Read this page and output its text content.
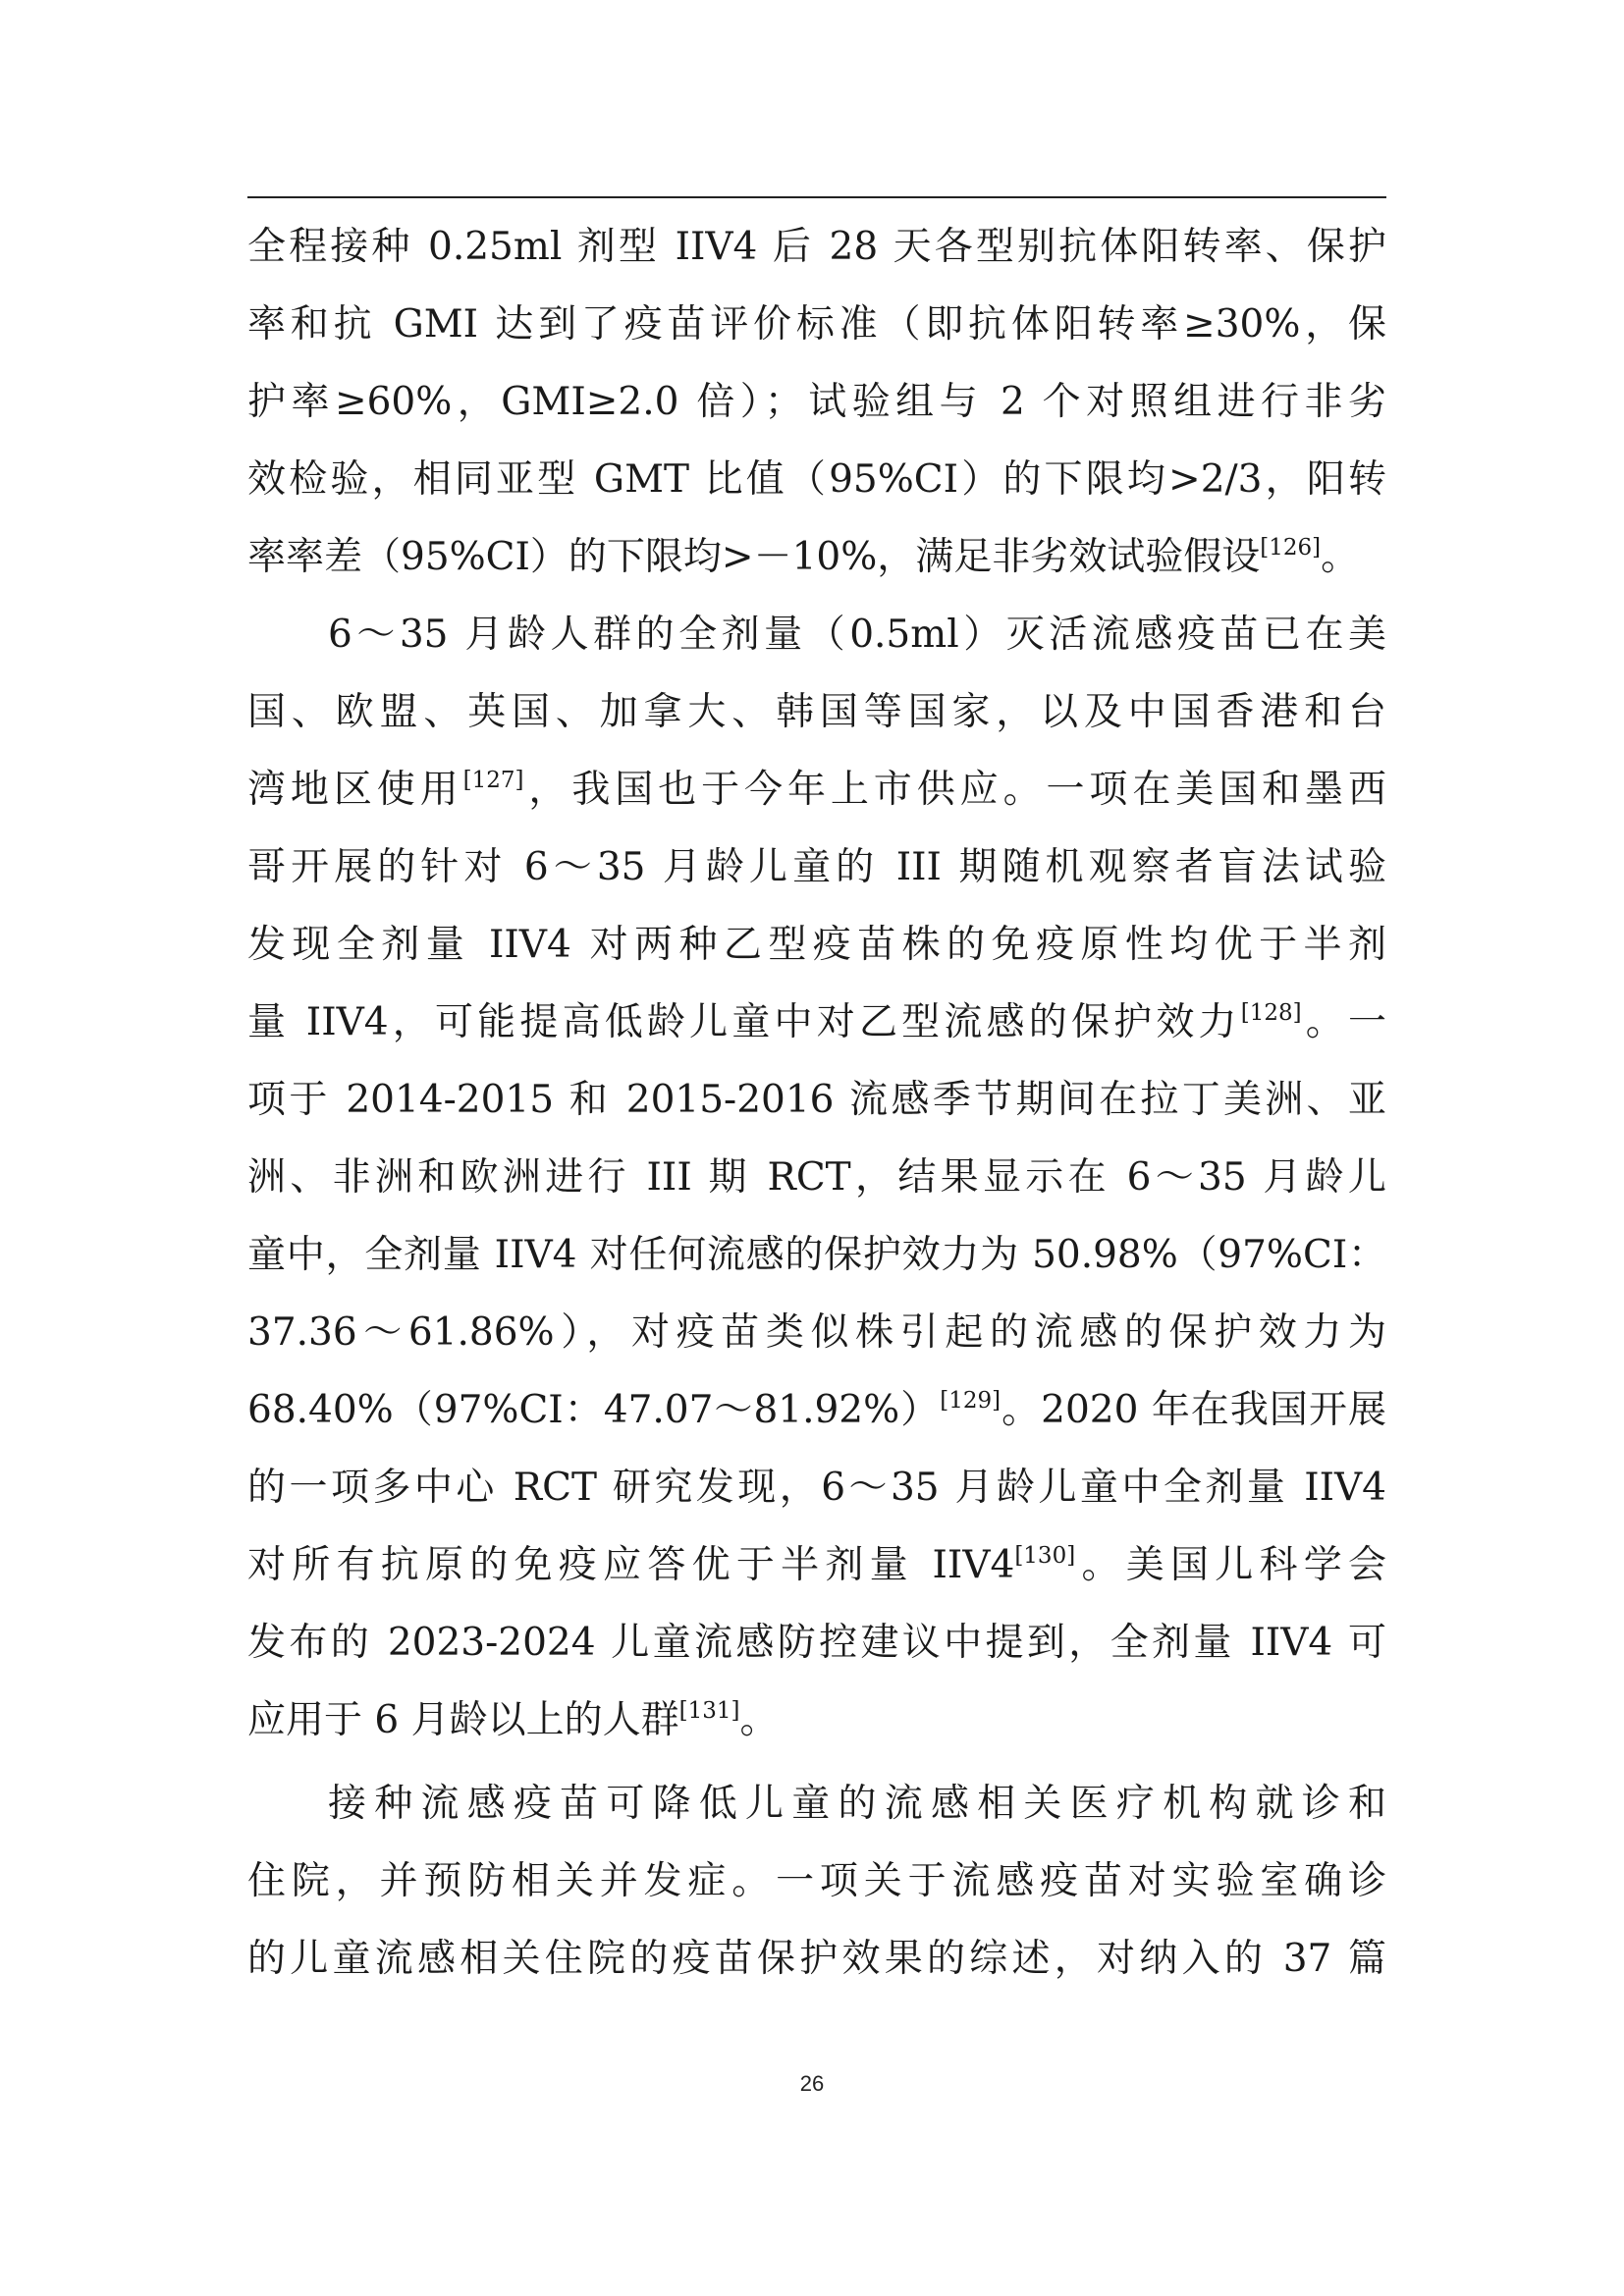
全程接种 0.25ml 剂型 IIV4 后 28 天各型别抗体阳转率、保护
率和抗 GMI 达到了疫苗评价标准（即抗体阳转率≥30%，保
护率≥60%，GMI≥2.0 倍）；试验组与 2 个对照组进行非劣
效检验，相同亚型 GMT 比值（95%CI）的下限均>2/3，阳转
率率差（95%CI）的下限均>－10%，满足非劣效试验假设[126]。
6～35 月龄人群的全剂量（0.5ml）灭活流感疫苗已在美
国、欧盟、英国、加拿大、韩国等国家，以及中国香港和台
湾地区使用[127]，我国也于今年上市供应。一项在美国和墨西
哥开展的针对 6～35 月龄儿童的 III 期随机观察者盲法试验
发现全剂量 IIV4 对两种乙型疫苗株的免疫原性均优于半剂
量 IIV4，可能提高低龄儿童中对乙型流感的保护效力[128]。一
项于 2014-2015 和 2015-2016 流感季节期间在拉丁美洲、亚
洲、非洲和欧洲进行 III 期 RCT，结果显示在 6～35 月龄儿
童中，全剂量 IIV4 对任何流感的保护效力为 50.98%（97%CI：
37.36～61.86%），对疫苗类似株引起的流感的保护效力为
68.40%（97%CI：47.07～81.92%）[129]。2020 年在我国开展
的一项多中心 RCT 研究发现，6～35 月龄儿童中全剂量 IIV4
对所有抗原的免疫应答优于半剂量 IIV4[130]。美国儿科学会
发布的 2023-2024 儿童流感防控建议中提到，全剂量 IIV4 可
应用于 6 月龄以上的人群[131]。
接种流感疫苗可降低儿童的流感相关医疗机构就诊和
住院，并预防相关并发症。一项关于流感疫苗对实验室确诊
的儿童流感相关住院的疫苗保护效果的综述，对纳入的 37 篇
26
